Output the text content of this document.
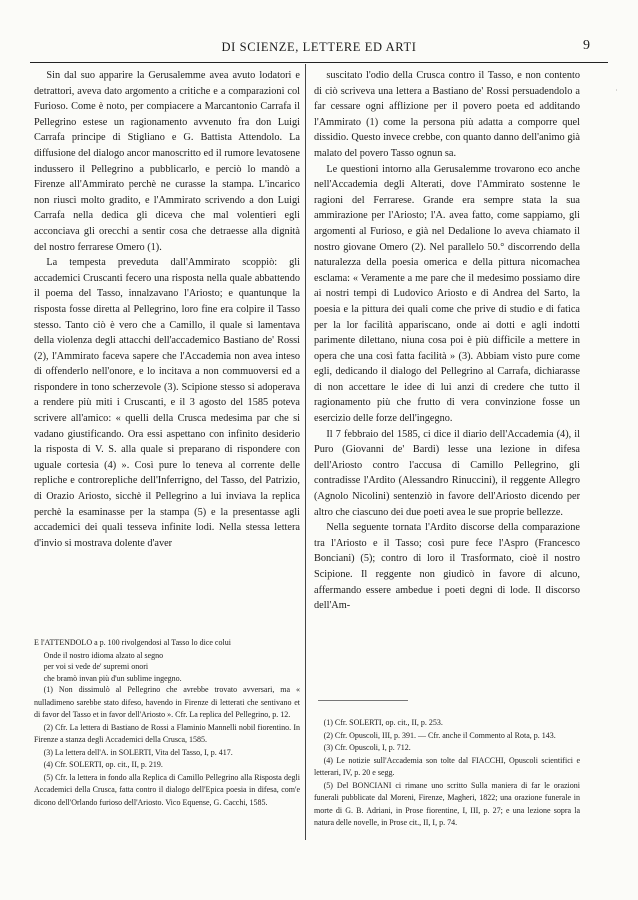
DI SCIENZE, LETTERE ED ARTI	9
˙

Sin dal suo apparire la Gerusalemme avea avuto lodatori e detrattori, aveva dato argomento a critiche e a comparazioni col Furioso. Come è noto, per compiacere a Marcantonio Carrafa il Pellegrino estese un ragionamento avvenuto fra don Luigi Carrafa principe di Stigliano e G. Battista Attendolo. La diffusione del dialogo ancor manoscritto ed il rumore levatosene indussero il Pellegrino a pubblicarlo, e perciò lo mandò a Firenze all'Ammirato perchè ne curasse la stampa. L'incarico non riuscì molto gradito, e l'Ammirato scrivendo a don Luigi Carrafa nella dedica gli diceva che mal volentieri egli acconciava gli orecchi a sentir cosa che detraesse alla dignità del nostro ferrarese Omero (1).

La tempesta preveduta dall'Ammirato scoppiò: gli accademici Cruscanti fecero una risposta nella quale abbattendo il poema del Tasso, innalzavano l'Ariosto; e quantunque la risposta fosse diretta al Pellegrino, loro fine era colpire il Tasso stesso. Tanto ciò è vero che a Camillo, il quale si lamentava della violenza degli attacchi dell'accademico Bastiano de' Rossi (2), l'Ammirato faceva sapere che l'Accademia non avea inteso di offenderlo nell'onore, e lo incitava a non commuoversi ed a rispondere in tono scherzevole (3). Scipione stesso si adoperava a rendere più miti i Cruscanti, e il 3 agosto del 1585 poteva scrivere all'amico: « quelli della Crusca medesima par che si vadano giustificando. Ora essi aspettano con infinito desiderio la risposta di V. S. alla quale si preparano di rispondere con uguale cortesia (4) ». Così pure lo teneva al corrente delle repliche e controrepliche dell'Inferrigno, del Tasso, del Patrizio, di Orazio Ariosto, sicchè il Pellegrino a lui inviava la replica perchè la esaminasse per la stampa (5) e la presentasse agli accademici dei quali tesseva infinite lodi. Nella stessa lettera d'invio si mostrava dolente d'aver

suscitato l'odio della Crusca contro il Tasso, e non contento di ciò scriveva una lettera a Bastiano de' Rossi persuadendolo a far cessare ogni afflizione per il povero poeta ed additando l'Ammirato (1) come la persona più adatta a comporre quel dissidio. Questo invece crebbe, con quanto danno dell'animo già malato del povero Tasso ognun sa.

Le questioni intorno alla Gerusalemme trovarono eco anche nell'Accademia degli Alterati, dove l'Ammirato sostenne le ragioni del Ferrarese. Grande era sempre stata la sua ammirazione per l'Ariosto; l'A. avea fatto, come sappiamo, gli argomenti al Furioso, e già nel Dedalione lo aveva chiamato il nostro giovane Omero (2). Nel parallelo 50.° discorrendo della naturalezza della poesia omerica e della pittura nicomachea esclama: « Veramente a me pare che il medesimo possiamo dire ai nostri tempi di Ludovico Ariosto e di Andrea del Sarto, la poesia e la pittura dei quali come che prive di studio e di fatica per la lor facilità appariscano, onde ai dotti e agli indotti parimente dilettano, niuna cosa poi è più difficile a mettere in opera che una così fatta facilità » (3). Abbiam visto pure come egli, dedicando il dialogo del Pellegrino al Carrafa, dichiarasse di non accettare le idee di lui anzi di credere che tutto il ragionamento più che frutto di vera convinzione fosse un esercizio delle forze dell'ingegno.

Il 7 febbraio del 1585, ci dice il diario dell'Accademia (4), il Puro (Giovanni de' Bardi) lesse una lezione in difesa dell'Ariosto contro l'accusa di Camillo Pellegrino, gli contradisse l'Ardito (Alessandro Rinuccini), il reggente Allegro (Agnolo Nicolini) sentenziò in favore dell'Ariosto dicendo per altro che ciascuno dei due poeti avea le sue proprie bellezze.

Nella seguente tornata l'Ardito discorse della comparazione tra l'Ariosto e il Tasso; così pure fece l'Aspro (Francesco Bonciani) (5); contro di loro il Trasformato, cioè il nostro Scipione. Il reggente non giudicò in favore di alcuno, affermando essere ambedue i poeti degni di lode. Il discorso dell'Am-

E l'ATTENDOLO a p. 100 rivolgendosi al Tasso lo dice colui

Onde il nostro idioma alzato al segno

per voi si vede de' supremi onori

che bramò invan più d'un sublime ingegno.

(1) Non dissimulò al Pellegrino che avrebbe trovato avversari, ma « nulladimeno sarebbe stato difeso, havendo in Firenze di letterati che sentivano et di favor del Tasso et in favor dell'Ariosto ». Cfr. La replica del Pellegrino, p. 12.

(2) Cfr. La lettera di Bastiano de Rossi a Flaminio Mannelli nobil fiorentino. In Firenze a stanza degli Accademici della Crusca, 1585.

(3) La lettera dell'A. in SOLERTI, Vita del Tasso, I, p. 417.

(4) Cfr. SOLERTI, op. cit., II, p. 219.

(5) Cfr. la lettera in fondo alla Replica di Camillo Pellegrino alla Risposta degli Accademici della Crusca, fatta contro il dialogo dell'Epica poesia in difesa, com'e dicono dell'Orlando furioso dell'Ariosto. Vico Equense, G. Cacchi, 1585.

(1) Cfr. SOLERTI, op. cit., II, p. 253.

(2) Cfr. Opuscoli, III, p. 391. — Cfr. anche il Commento al Rota, p. 143.

(3) Cfr. Opuscoli, I, p. 712.

(4) Le notizie sull'Accademia son tolte dal FIACCHI, Opuscoli scientifici e letterari, IV, p. 20 e segg.

(5) Del BONCIANI ci rimane uno scritto Sulla maniera di far le orazioni funerali pubblicate dal Moreni, Firenze, Magheri, 1822; una orazione funerale in morte di G. B. Adriani, in Prose fiorentine, I, III, p. 27; e una lezione sopra la natura delle novelle, in Prose cit., II, I, p. 74.
